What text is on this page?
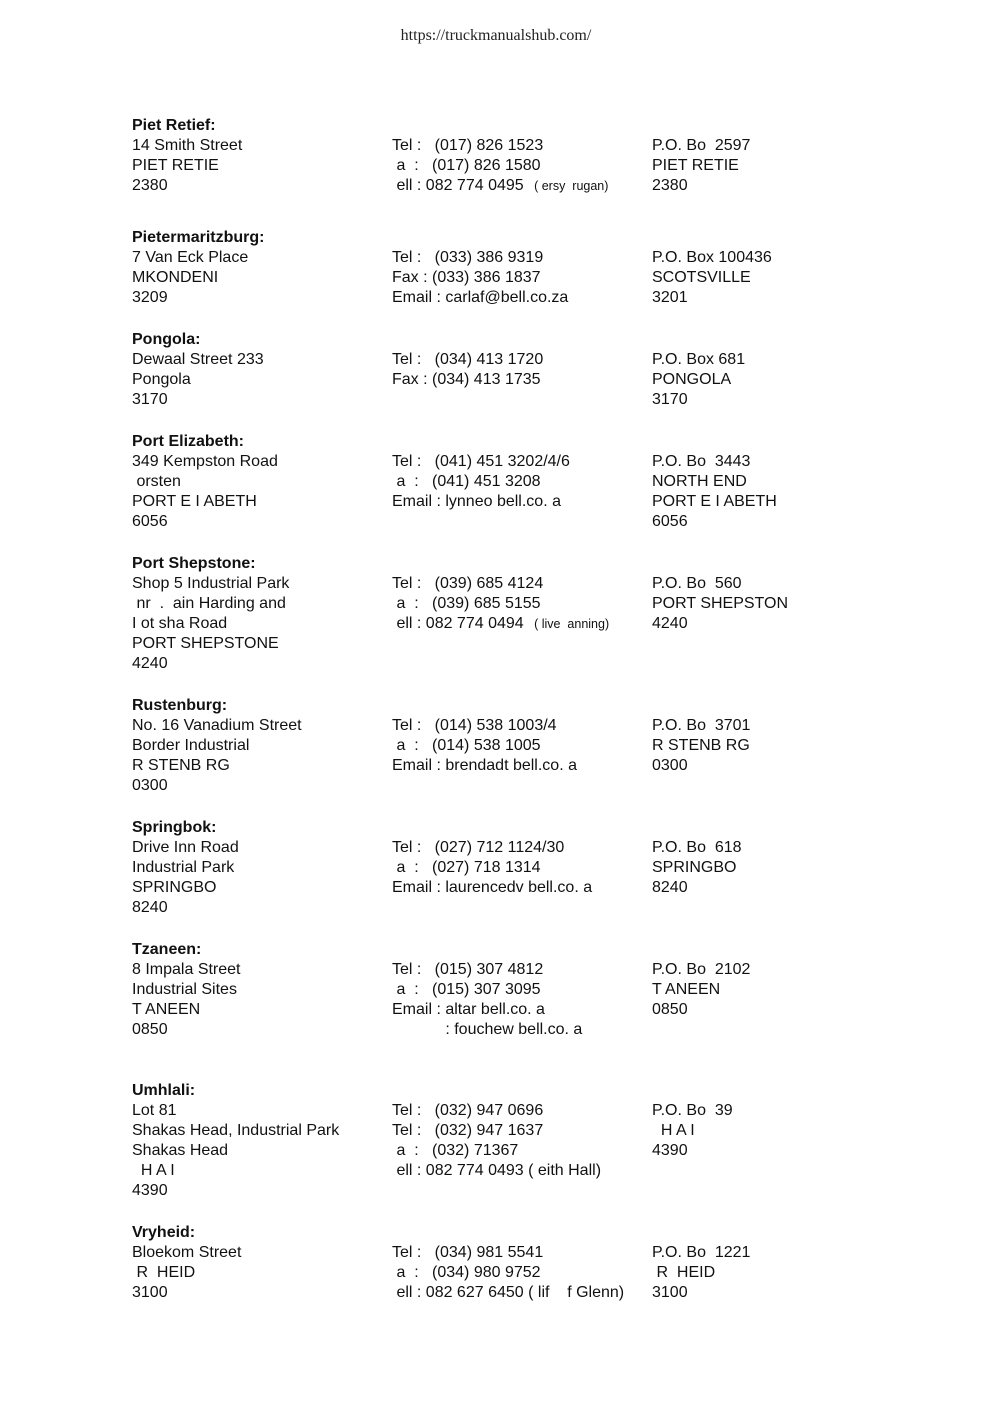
https://truckmanualshub.com/
Piet Retief:
14 Smith Street
PIET RETIE
2380
Tel :   (017) 826 1523
a  :   (017) 826 1580
ell : 082 774 0495   ( ersy  rugan)
P.O. Bo  2597
PIET RETIE
2380
Pietermaritzburg:
7 Van Eck Place
MKONDENI
3209
Tel :   (033) 386 9319
Fax : (033) 386 1837
Email : carlaf@bell.co.za
P.O. Box 100436
SCOTSVILLE
3201
Pongola:
Dewaal Street 233
Pongola
3170
Tel :   (034) 413 1720
Fax : (034) 413 1735
P.O. Box 681
PONGOLA
3170
Port Elizabeth:
349 Kempston Road
orsten
PORT E I ABETH
6056
Tel :   (041) 451 3202/4/6
a  :   (041) 451 3208
Email : lynneo bell.co. a
P.O. Bo  3443
NORTH END
PORT E I ABETH
6056
Port Shepstone:
Shop 5 Industrial Park
nr  .  ain Harding and
I ot sha Road
PORT SHEPSTONE
4240
Tel :   (039) 685 4124
a  :   (039) 685 5155
ell : 082 774 0494   ( live  anning)
P.O. Bo  560
PORT SHEPSTON
4240
Rustenburg:
No. 16 Vanadium Street
Border Industrial
R STENB RG
0300
Tel :   (014) 538 1003/4
a  :   (014) 538 1005
Email : brendadt bell.co. a
P.O. Bo  3701
R STENB RG
0300
Springbok:
Drive Inn Road
Industrial Park
SPRINGBO
8240
Tel :   (027) 712 1124/30
a  :   (027) 718 1314
Email : laurencedv bell.co. a
P.O. Bo  618
SPRINGBO
8240
Tzaneen:
8 Impala Street
Industrial Sites
T ANEEN
0850
Tel :   (015) 307 4812
a  :   (015) 307 3095
Email : altar bell.co. a
: fouchew bell.co. a
P.O. Bo  2102
T ANEEN
0850
Umhlali:
Lot 81
Shakas Head, Industrial Park
Shakas Head
H A I
4390
Tel :   (032) 947 0696
Tel :   (032) 947 1637
a  :   (032) 71367
ell : 082 774 0493 ( eith Hall)
P.O. Bo  39
H A I
4390
Vryheid:
Bloekom Street
R  HEID
3100
Tel :   (034) 981 5541
a  :   (034) 980 9752
ell : 082 627 6450 ( lif    f Glenn)
P.O. Bo  1221
R  HEID
3100
